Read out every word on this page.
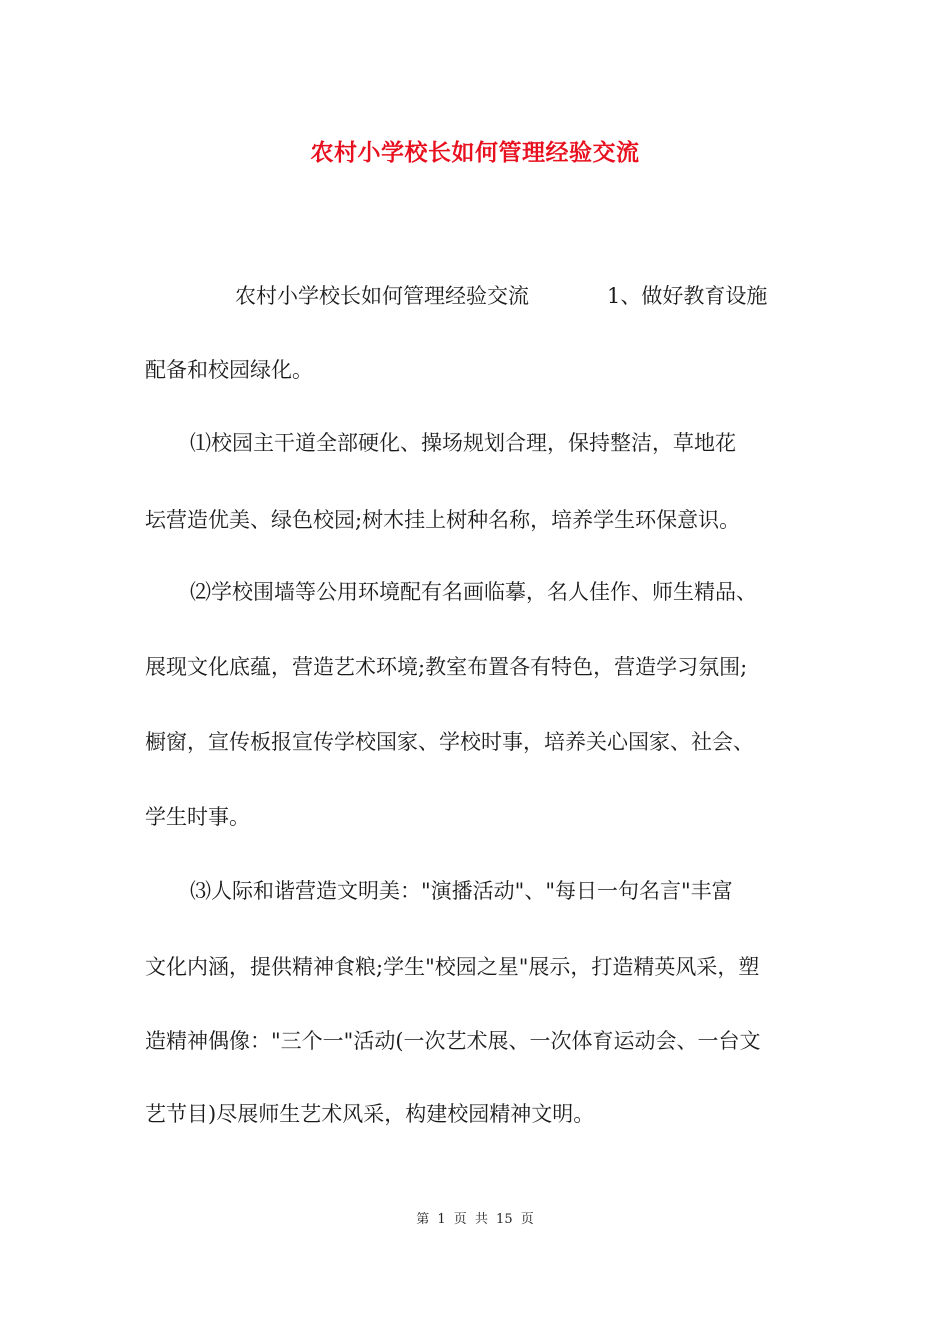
农村小学校长如何管理经验交流
农村小学校长如何管理经验交流	1、做好教育设施
配备和校园绿化。
⑴校园主干道全部硬化、操场规划合理，保持整洁，草地花
坛营造优美、绿色校园;树木挂上树种名称，培养学生环保意识。
⑵学校围墙等公用环境配有名画临摹，名人佳作、师生精品、
展现文化底蕴，营造艺术环境;教室布置各有特色，营造学习氛围;
橱窗，宣传板报宣传学校国家、学校时事，培养关心国家、社会、
学生时事。
⑶人际和谐营造文明美："演播活动"、"每日一句名言"丰富
文化内涵，提供精神食粮;学生"校园之星"展示，打造精英风采，塑
造精神偶像："三个一"活动(一次艺术展、一次体育运动会、一台文
艺节目)尽展师生艺术风采，构建校园精神文明。
第 1 页 共 15 页
